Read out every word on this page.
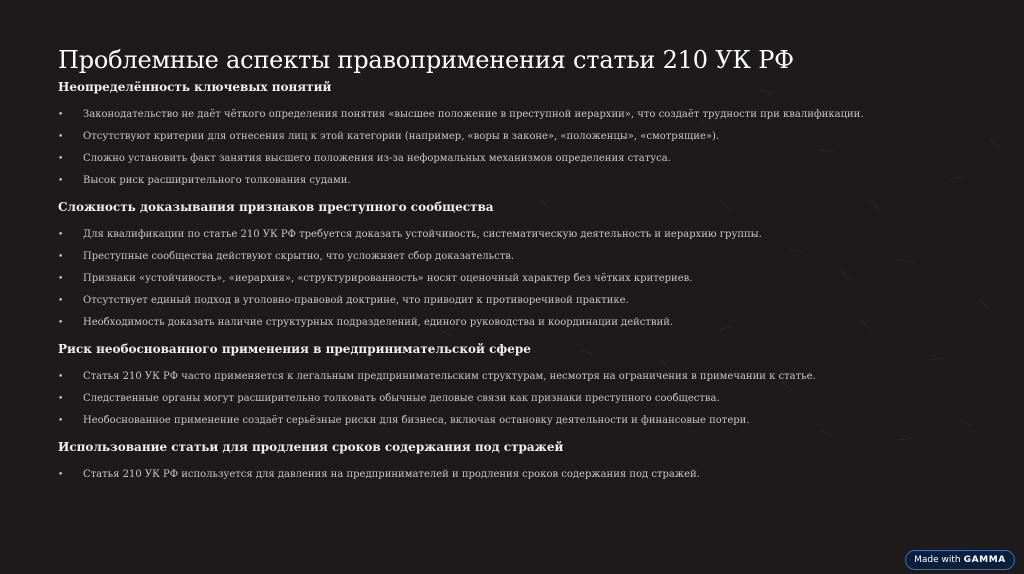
Проблемные аспекты правоприменения статьи 210 УК РФ
Неопределённость ключевых понятий
• Законодательство не даёт чёткого определения понятия «высшее положение в преступной иерархии», что создаёт трудности при квалификации.
• Отсутствуют критерии для отнесения лиц к этой категории (например, «воры в законе», «положенцы», «смотрящие»).
• Сложно установить факт занятия высшего положения из-за неформальных механизмов определения статуса.
• Высок риск расширительного толкования судами.
Сложность доказывания признаков преступного сообщества
• Для квалификации по статье 210 УК РФ требуется доказать устойчивость, систематическую деятельность и иерархию группы.
• Преступные сообщества действуют скрытно, что усложняет сбор доказательств.
• Признаки «устойчивость», «иерархия», «структурированность» носят оценочный характер без чётких критериев.
• Отсутствует единый подход в уголовно-правовой доктрине, что приводит к противоречивой практике.
• Необходимость доказать наличие структурных подразделений, единого руководства и координации действий.
Риск необоснованного применения в предпринимательской сфере
• Статья 210 УК РФ часто применяется к легальным предпринимательским структурам, несмотря на ограничения в примечании к статье.
• Следственные органы могут расширительно толковать обычные деловые связи как признаки преступного сообщества.
• Необоснованное применение создаёт серьёзные риски для бизнеса, включая остановку деятельности и финансовые потери.
Использование статьи для продления сроков содержания под стражей
• Статья 210 УК РФ используется для давления на предпринимателей и продления сроков содержания под стражей.
Made with GAMMA
